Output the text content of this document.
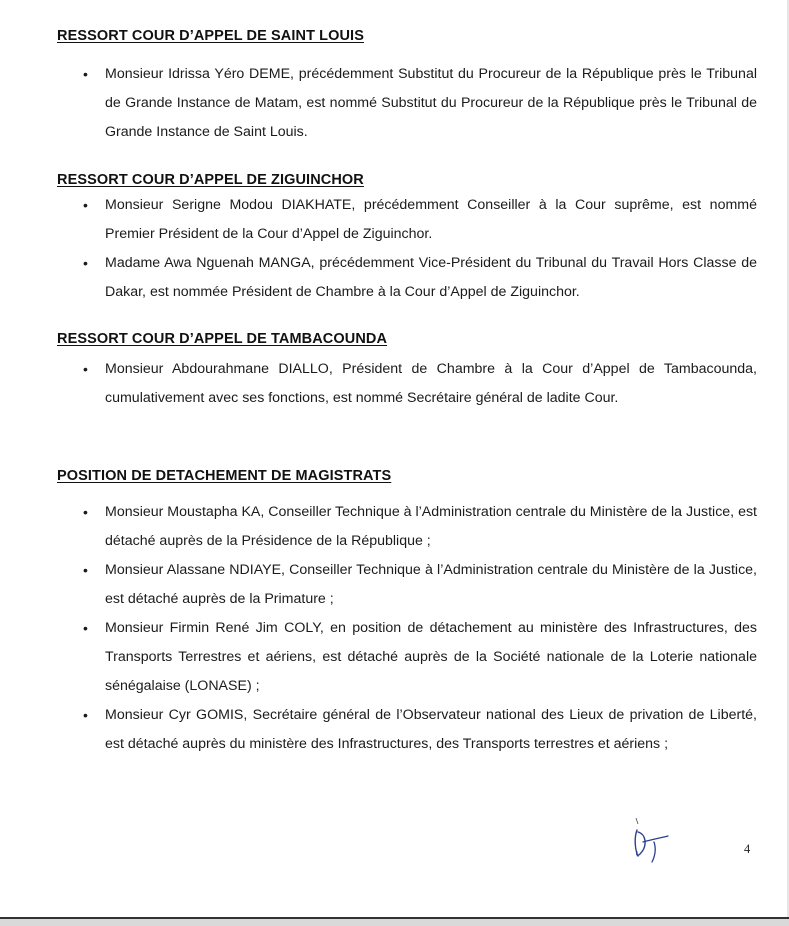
RESSORT COUR D’APPEL DE SAINT LOUIS

• Monsieur Idrissa Yéro DEME, précédemment Substitut du Procureur de la République près le Tribunal de Grande Instance de Matam, est nommé Substitut du Procureur de la République près le Tribunal de Grande Instance de Saint Louis.

RESSORT COUR D’APPEL DE ZIGUINCHOR

• Monsieur Serigne Modou DIAKHATE, précédemment Conseiller à la Cour suprême, est nommé Premier Président de la Cour d’Appel de Ziguinchor.
• Madame Awa Nguenah MANGA, précédemment Vice-Président du Tribunal du Travail Hors Classe de Dakar, est nommée Président de Chambre à la Cour d’Appel de Ziguinchor.

RESSORT COUR D’APPEL DE TAMBACOUNDA

• Monsieur Abdourahmane DIALLO, Président de Chambre à la Cour d’Appel de Tambacounda, cumulativement avec ses fonctions, est nommé Secrétaire général de ladite Cour.

POSITION DE DETACHEMENT DE MAGISTRATS

• Monsieur Moustapha KA, Conseiller Technique à l’Administration centrale du Ministère de la Justice, est détaché auprès de la Présidence de la République ;
• Monsieur Alassane NDIAYE, Conseiller Technique à l’Administration centrale du Ministère de la Justice, est détaché auprès de la Primature ;
• Monsieur Firmin René Jim COLY, en position de détachement au ministère des Infrastructures, des Transports Terrestres et aériens, est détaché auprès de la Société nationale de la Loterie nationale sénégalaise (LONASE) ;
• Monsieur Cyr GOMIS, Secrétaire général de l’Observateur national des Lieux de privation de Liberté, est détaché auprès du ministère des Infrastructures, des Transports terrestres et aériens ;
4
